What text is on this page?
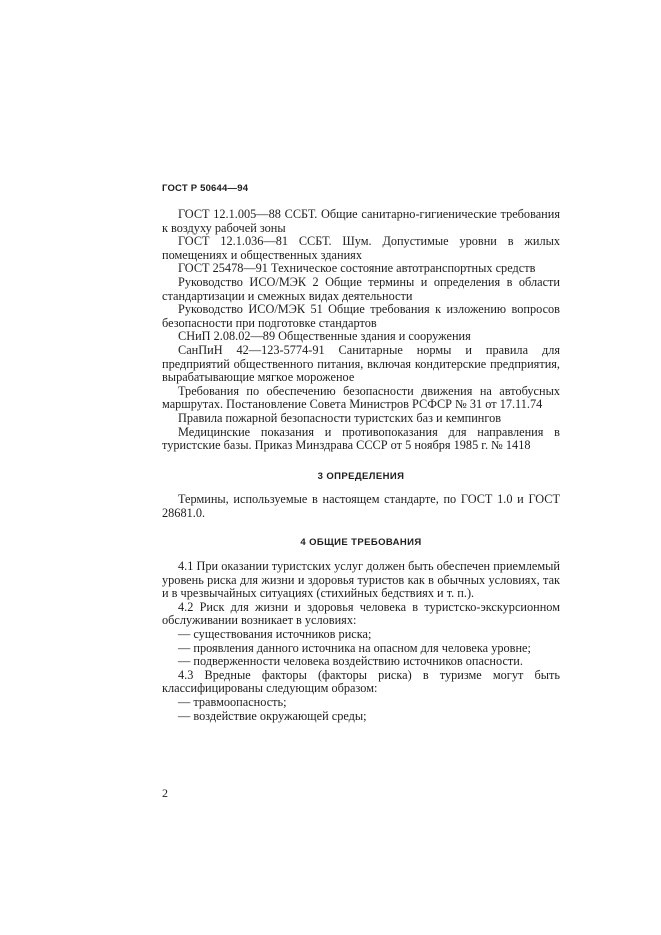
ГОСТ Р 50644—94

ГОСТ 12.1.005—88 ССБТ. Общие санитарно-гигиенические требования к воздуху рабочей зоны

ГОСТ 12.1.036—81 ССБТ. Шум. Допустимые уровни в жилых помещениях и общественных зданиях

ГОСТ 25478—91 Техническое состояние автотранспортных средств

Руководство ИСО/МЭК 2 Общие термины и определения в области стандартизации и смежных видах деятельности

Руководство ИСО/МЭК 51 Общие требования к изложению вопросов безопасности при подготовке стандартов

СНиП 2.08.02—89 Общественные здания и сооружения

СанПиН 42—123-5774-91 Санитарные нормы и правила для предприятий общественного питания, включая кондитерские предприятия, вырабатывающие мягкое мороженое

Требования по обеспечению безопасности движения на автобусных маршрутах. Постановление Совета Министров РСФСР № 31 от 17.11.74

Правила пожарной безопасности туристских баз и кемпингов

Медицинские показания и противопоказания для направления в туристские базы. Приказ Минздрава СССР от 5 ноября 1985 г. № 1418

3 ОПРЕДЕЛЕНИЯ

Термины, используемые в настоящем стандарте, по ГОСТ 1.0 и ГОСТ 28681.0.

4 ОБЩИЕ ТРЕБОВАНИЯ

4.1 При оказании туристских услуг должен быть обеспечен приемлемый уровень риска для жизни и здоровья туристов как в обычных условиях, так и в чрезвычайных ситуациях (стихийных бедствиях и т. п.).

4.2 Риск для жизни и здоровья человека в туристско-экскурсионном обслуживании возникает в условиях:

— существования источников риска;

— проявления данного источника на опасном для человека уровне;

— подверженности человека воздействию источников опасности.

4.3 Вредные факторы (факторы риска) в туризме могут быть классифицированы следующим образом:

— травмоопасность;

— воздействие окружающей среды;

2
